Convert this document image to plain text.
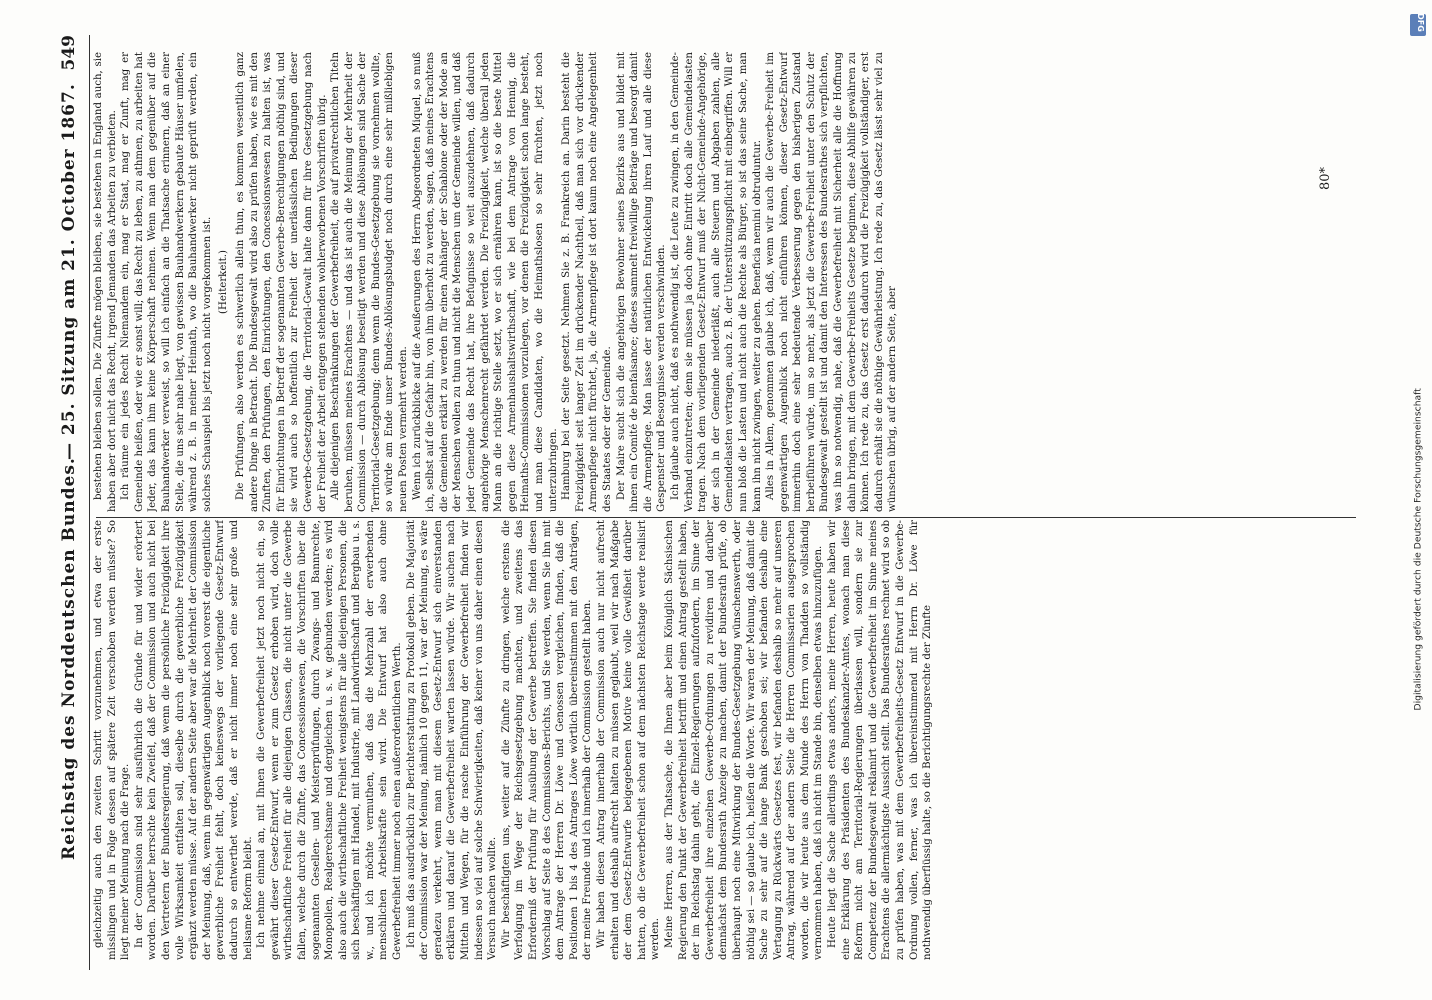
Reichstag des Norddeutschen Bundes.
— 25. Sitzung am 21. October 1867.
549

gleichzeitig auch den zweiten Schritt vorzunehmen, und etwa der erste misslingen und in Folge dessen auf spätere Zeit verschoben werden müsste? So liegt meiner Meinung nach die Frage. In der Commission sind sehr ausführlich die Gründe für und wider erörtert worden. Darüber herrschte kein Zweifel, daß der Commission und auch nicht bei den Vertretern der Bundesregierung, daß wenn die persönliche Freizügigkeit ihre volle Wirksamkeit entfalten soll, dieselbe durch die gewerbliche Freizügigkeit ergänzt werden müsse. Auf der andern Seite aber war die Mehrheit der Commission der Meinung, daß, wenn im gegenwärtigen Augenblick noch vorerst die eigentliche gewerbliche Freiheit fehlt, doch keineswegs der vorliegende Gesetz-Entwurf dadurch so entwerthet werde, daß er nicht immer noch eine sehr große und heilsame Reform bleibt. Ich nehme einmal an, mit Ihnen die Gewerbefreiheit jetzt noch nicht ein, so gewährt dieser Gesetz-Entwurf, wenn er zum Gesetz erhoben wird, doch volle wirthschaftliche Freiheit für alle diejenigen Classen, die nicht unter die Gewerbe fallen, welche durch die Zünfte, das Concessionswesen, die Vorschriften über die sogenannten Gesellen- und Meisterprüfungen, durch Zwangs- und Bannrechte, Monopolien, Realgerechtsame und dergleichen u. s. w. gebunden werden; es wird also auch die wirthschaftliche Freiheit wenigstens für alle diejenigen Personen, die sich beschäftigen mit Handel, mit Industrie, mit Landwirthschaft und Bergbau u. s. w., und ich möchte vermuthen, daß das die Mehrzahl der erwerbenden menschlichen Arbeitskräfte sein wird. Die Entwurf hat also auch ohne Gewerbefreiheit immer noch einen außerordentlichen Werth. Ich muß das ausdrücklich zur Berichterstattung zu Protokoll geben. Die Majorität der Commission war der Meinung, nämlich 10 gegen 11, war der Meinung, es wäre geradezu verkehrt, wenn man mit diesem Gesetz-Entwurf sich einverstanden erklären und darauf die Gewerbefreiheit warten lassen würde. Wir suchen nach Mitteln und Wegen, für die rasche Einführung der Gewerbefreiheit finden wir indessen so viel auf solche Schwierigkeiten, daß keiner von uns daher einen diesen Versuch machen wollte. Wir beschäftigten uns, weiter auf die Zünfte zu dringen, welche erstens die Verfolgung im Wege der Reichsgesetzgebung machten, und zweitens das Erforderniß der Prüfung für Ausübung der Gewerbe betreffen. Sie finden diesen Vorschlag auf Seite 8 des Commissions-Berichts, und Sie werden, wenn Sie ihn mit dem Antrage der Herren Dr. Löwe und Genossen vergleichen, finden, daß die Positionen 1 bis 4 des Antrages Löwe wörtlich übereinstimmen mit den Anträgen, der meine Freunde und ich innerhalb der Commission gestellt haben. Wir haben diesen Antrag innerhalb der Commission auch nur nicht aufrecht erhalten und deshalb aufrecht halten zu müssen geglaubt, weil wir nach Maßgabe der dem Gesetz-Entwurfe beigegebenen Motive keine volle Gewißheit darüber hatten, ob die Gewerbefreiheit schon auf dem nächsten Reichstage werde realisirt werden. Meine Herren, aus der Thatsache, die Ihnen aber beim Königlich Sächsischen Regierung den Punkt der Gewerbefreiheit betrifft und einen Antrag gestellt haben, der im Reichstag dahin geht, die Einzel-Regierungen aufzufordern, im Sinne der Gewerbefreiheit ihre einzelnen Gewerbe-Ordnungen zu revidiren und darüber demnächst dem Bundesrath Anzeige zu machen, damit der Bundesrath prüfe, ob überhaupt noch eine Mitwirkung der Bundes-Gesetzgebung wünschenswerth, oder nöthig sei — so glaube ich, heißen die Worte. Wir waren der Meinung, daß damit die Sache zu sehr auf die lange Bank geschoben sei; wir befanden deshalb eine Vertagung zu Rückwärts Gesetzes fest, wir befanden deshalb so mehr auf unseren Antrag, während auf der andern Seite die Herren Commissarien ausgesprochen worden, die wir heute aus dem Munde des Herrn von Thadden so vollständig vernommen haben, daß ich nicht im Stande bin, denselben etwas hinzuzufügen. Heute liegt die Sache allerdings etwas anders, meine Herren, heute haben wir eine Erklärung des Präsidenten des Bundeskanzler-Amtes, wonach man diese Reform nicht am Territorial-Regierungen überlassen will, sondern sie zur Competenz der Bundesgewalt reklamirt und die Gewerbefreiheit im Sinne meines Erachtens die allermächtigste Aussicht stellt. Das Bundesrathes rechnet wird so ob zu prüfen haben, was mit dem Gewerbefreiheits-Gesetz Entwurf in die Gewerbe-Ordnung vollen, ferner, was ich übereinstimmend mit Herrn Dr. Löwe für nothwendig überflüssig halte, so die Berichtigungsrechte der Zünfte

bestehen bleiben sollen. Die Zünfte mögen bleiben, sie bestehen in England auch, sie haben aber dort nicht das Recht, irgend Jemanden das Arbeiten zu verbieten. Ich räume ein jedes Recht Niemandem ein, mag er Staat, mag er Zunft, mag er Gemeinde heißen, oder wie er sonst will; das Recht zu leben, zu athmen, zu arbeiten hat Jeder, das kann ihm keine Körperschaft nehmen. Wenn man dem gegenüber auf die Bauhandwerker verweist, so will ich einfach an die Thatsache erinnern, daß an einer Stelle, die uns sehr nahe liegt, von gewissen Bauhandwerkern gebaute Häuser umfielen, während z. B. in meiner Heimath, wo die Bauhandwerker nicht geprüft werden, ein solches Schauspiel bis jetzt noch nicht vorgekommen ist. (Heiterkeit.) Die Prüfungen, also werden es schwerlich allein thun, es kommen wesentlich ganz andere Dinge in Betracht. Die Bundesgewalt wird also zu prüfen haben, wie es mit den Zünften, den Prüfungen, den Einrichtungen, den Concessionswesen zu halten ist, was für Einrichtungen in Betreff der sogenannten Gewerbe-Berechtigungen nöthig sind, und sie wird auch so hoffentlich zur Freiheit der unerlässlichen Bedingungen dieser Gewerbe-Gesetzgebung, die Territorial-Gewalt halte dann für ihre Gesetzgebung nach der Freiheit der Arbeit entgegen stehenden wohlerworbenen Vorschriften übrig. Alle diejenigen Beschränkungen der Gewerbefreiheit, die auf privatrechtlichen Titeln beruhen, müssen meines Erachtens — und das ist auch die Meinung der Mehrheit der Commission — durch Ablösung beseitigt werden und diese Ablösungen sind Sache der Territorial-Gesetzgebung; denn wenn die Bundes-Gesetzgebung sie vornehmen wollte, so würde am Ende unser Bundes-Ablösungsbudget noch durch eine sehr mißliebigen neuen Posten vermehrt werden. Wenn ich zurückblicke auf die Aeußerungen des Herrn Abgeordneten Miquel, so muß ich, selbst auf die Gefahr hin, von ihm überholt zu werden, sagen, daß meines Erachtens die Gemeinden erklärt zu werden für einen Anhänger der Schablone oder der Mode an der Menschen wollen zu thun und nicht die Menschen um der Gemeinde willen, und daß jeder Gemeinde das Recht hat, ihre Befugnisse so weit auszudehnen, daß dadurch angehörige Menschenrecht gefährdet werden. Die Freizügigkeit, welche überall jeden Mann an die richtige Stelle setzt, wo er sich ernähren kann, ist so die beste Mittel gegen diese Armenhaushaltswirthschaft, wie bei dem Antrage von Hennig, die Heimaths-Commissionen vorzulegen, vor denen die Freizügigkeit schon lange besteht, und man diese Candidaten, wo die Heimathslosen so sehr fürchten, jetzt noch unterzubringen. Hamburg bei der Seite gesetzt. Nehmen Sie z. B. Frankreich an. Darin besteht die Freizügigkeit seit langer Zeit im drückender Nachtheil, daß man sich vor drückender Armenpflege nicht fürchtet, ja, die Armenpflege ist dort kaum noch eine Angelegenheit des Staates oder der Gemeinde. Der Maire sucht sich die angehörigen Bewohner seines Bezirks aus und bildet mit ihnen ein Comité de bienfaisance; dieses sammelt freiwillige Beiträge und besorgt damit die Armenpflege. Man lasse der natürlichen Entwickelung ihren Lauf und alle diese Gespenster und Besorgnisse werden verschwinden. Ich glaube auch nicht, daß es nothwendig ist, die Leute zu zwingen, in den Gemeinde-Verband einzutreten; denn sie müssen ja doch ohne Eintritt doch alle Gemeindelasten tragen. Nach dem vorliegenden Gesetz-Entwurf muß der Nicht-Gemeinde-Angehörige, der sich in der Gemeinde niederläßt, auch alle Steuern und Abgaben zahlen, alle Gemeindelasten vertragen, auch z. B. der Unterstützungspflicht mit einbegriffen. Will er nun bloß die Lasten und nicht auch die Rechte als Bürger, so ist das seine Sache, man kann ihn nicht zwingen, weiter zu gehen. Beneficia nemini obtruduntur. Alles in Allem, genommen glaube ich, daß, wenn wir auch die Gewerbe-Freiheit im gegenwärtigen Augenblick noch nicht einführen können, dieser Gesetz-Entwurf immerhin doch eine sehr bedeutende Verbesserung gegen den bisherigen Zustand herbeiführen würde, um so mehr, als jetzt die Gewerbe-Freiheit unter den Schutz der Bundesgewalt gestellt ist und damit den Interessen des Bundesrathes sich verpflichten, was ihn so notwendig, nahe, daß die Gewerbefreiheit mit Sicherheit alle die Hoffnung dahin bringen, mit dem Gewerbe-Freiheits Gesetze beginnen, diese Abhilfe gewähren zu können. Ich rede zu, das Gesetz erst dadurch wird die Freizügigkeit vollständiger, erst dadurch erhält sie die nöthige Gewährleistung. Ich rede zu, das Gesetz lässt sehr viel zu wünschen übrig, auf der andern Seite, aber

80*
DFG
Digitalisierung gefördert durch die Deutsche Forschungsgemeinschaft
